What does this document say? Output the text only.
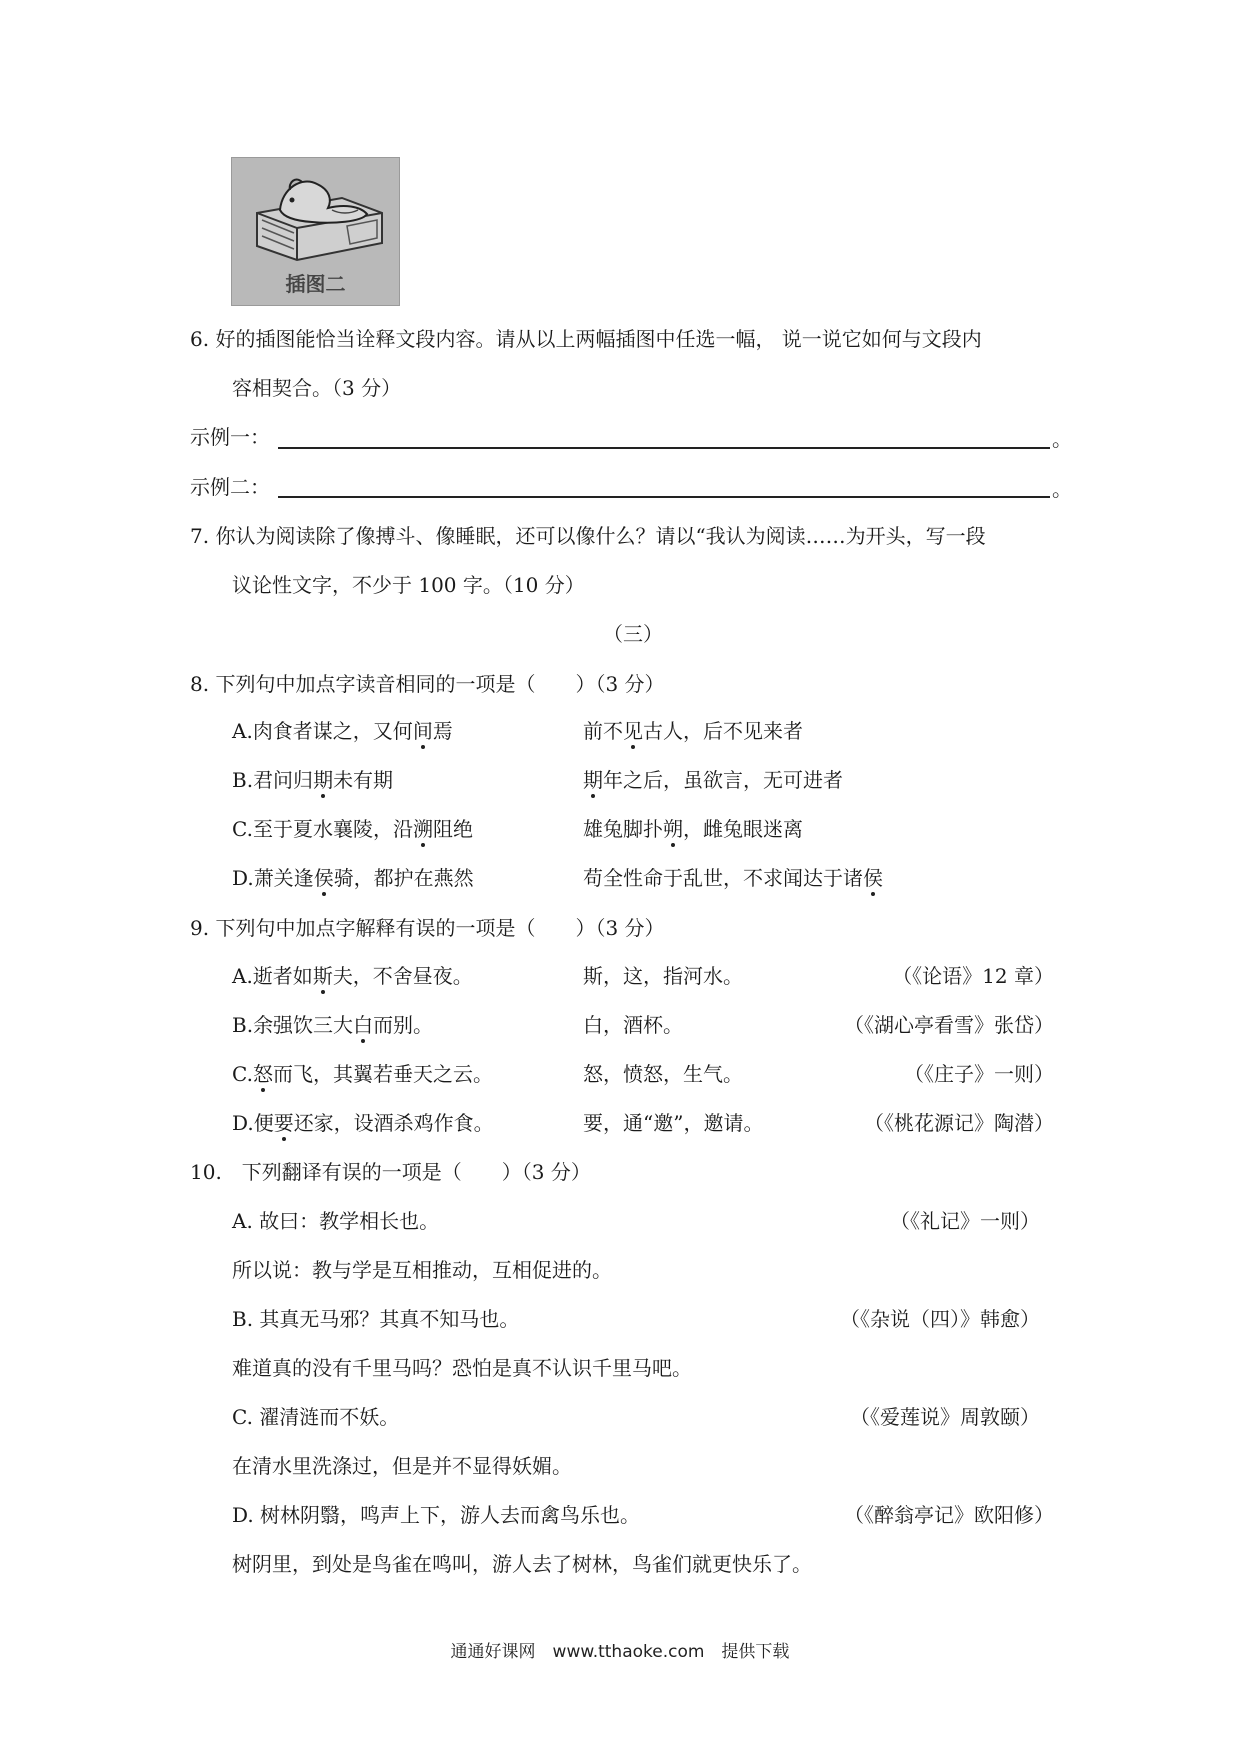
插图二
6. 好的插图能恰当诠释文段内容。请从以上两幅插图中任选一幅， 说一说它如何与文段内
容相契合。（3 分）
示例一：	。
示例二：	。
7. 你认为阅读除了像搏斗、像睡眠，还可以像什么？请以“我认为阅读……为开头，写一段
议论性文字，不少于 100 字。（10 分）
（三）
8. 下列句中加点字读音相同的一项是（　　）（3 分）
A.肉食者谋之，又何间焉	前不见古人，后不见来者
B.君问归期未有期	期年之后，虽欲言，无可进者
C.至于夏水襄陵，沿溯阻绝	雄兔脚扑朔，雌兔眼迷离
D.萧关逢侯骑，都护在燕然	苟全性命于乱世，不求闻达于诸侯
9. 下列句中加点字解释有误的一项是（　　）（3 分）
A.逝者如斯夫，不舍昼夜。	斯，这，指河水。	（《论语》12 章）
B.余强饮三大白而别。	白，酒杯。	（《湖心亭看雪》张岱）
C.怒而飞，其翼若垂天之云。	怒，愤怒，生气。	（《庄子》一则）
D.便要还家，设酒杀鸡作食。	要，通“邀”，邀请。	（《桃花源记》陶潜）
10.　下列翻译有误的一项是（　　）（3 分）
A. 故曰：教学相长也。	（《礼记》一则）
所以说：教与学是互相推动，互相促进的。
B. 其真无马邪？其真不知马也。	（《杂说（四）》韩愈）
难道真的没有千里马吗？恐怕是真不认识千里马吧。
C. 濯清涟而不妖。	（《爱莲说》周敦颐）
在清水里洗涤过，但是并不显得妖媚。
D. 树林阴翳，鸣声上下，游人去而禽鸟乐也。	（《醉翁亭记》欧阳修）
树阴里，到处是鸟雀在鸣叫，游人去了树林，鸟雀们就更快乐了。
通通好课网　www.tthaoke.com　提供下载
